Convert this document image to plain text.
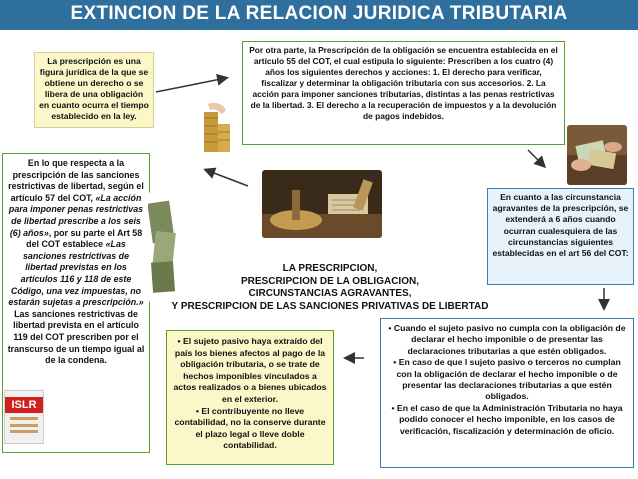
EXTINCION DE LA RELACION JURIDICA TRIBUTARIA
La prescripción es una figura jurídica de la que se obtiene un derecho o se libera de una obligación en cuanto ocurra el tiempo establecido en la ley.
Por otra parte, la Prescripción de la obligación se encuentra establecida en el artículo 55 del COT, el cual estipula lo siguiente: Prescriben a los cuatro (4) años los siguientes derechos y acciones: 1. El derecho para verificar, fiscalizar y determinar la obligación tributaria con sus accesorios. 2. La acción para imponer sanciones tributarias, distintas a las penas restrictivas de la libertad. 3. El derecho a la recuperación de impuestos y a la devolución de pagos indebidos.
En lo que respecta a la prescripción de las sanciones restrictivas de libertad, según el artículo 57 del COT, «La acción para imponer penas restrictivas de libertad prescribe a los seis (6) años», por su parte el Art 58 del COT establece «Las sanciones restrictivas de libertad previstas en los artículos 116 y 118 de este Código, una vez impuestas, no estarán sujetas a prescripción.» Las sanciones restrictivas de libertad prevista en el artículo 119 del COT prescriben por el transcurso de un tiempo igual al de la condena.
En cuanto a las circunstancia agravantes de la prescripción, se extenderá a 6 años cuando ocurran cualesquiera de las circunstancias siguientes establecidas en el art 56 del COT:
LA PRESCRIPCION,
PRESCRIPCION DE LA OBLIGACION,
CIRCUNSTANCIAS AGRAVANTES,
Y PRESCRIPCION DE LAS SANCIONES PRIVATIVAS DE LIBERTAD
• El sujeto pasivo haya extraído del país los bienes afectos al pago de la obligación tributaria, o se trate de hechos imponibles vinculados a actos realizados o a bienes ubicados en el exterior.
• El contribuyente no lleve contabilidad, no la conserve durante el plazo legal o lleve doble contabilidad.
• Cuando el sujeto pasivo no cumpla con la obligación de declarar el hecho imponible o de presentar las declaraciones tributarias a que estén obligados.
• En caso de que l sujeto pasivo o terceros no cumplan con la obligación de declarar el hecho imponible o de presentar las declaraciones tributarias a que estén obligados.
• En el caso de que la Administración Tributaria no haya podido conocer el hecho imponible, en los casos de verificación, fiscalización y determinación de oficio.
ISLR
